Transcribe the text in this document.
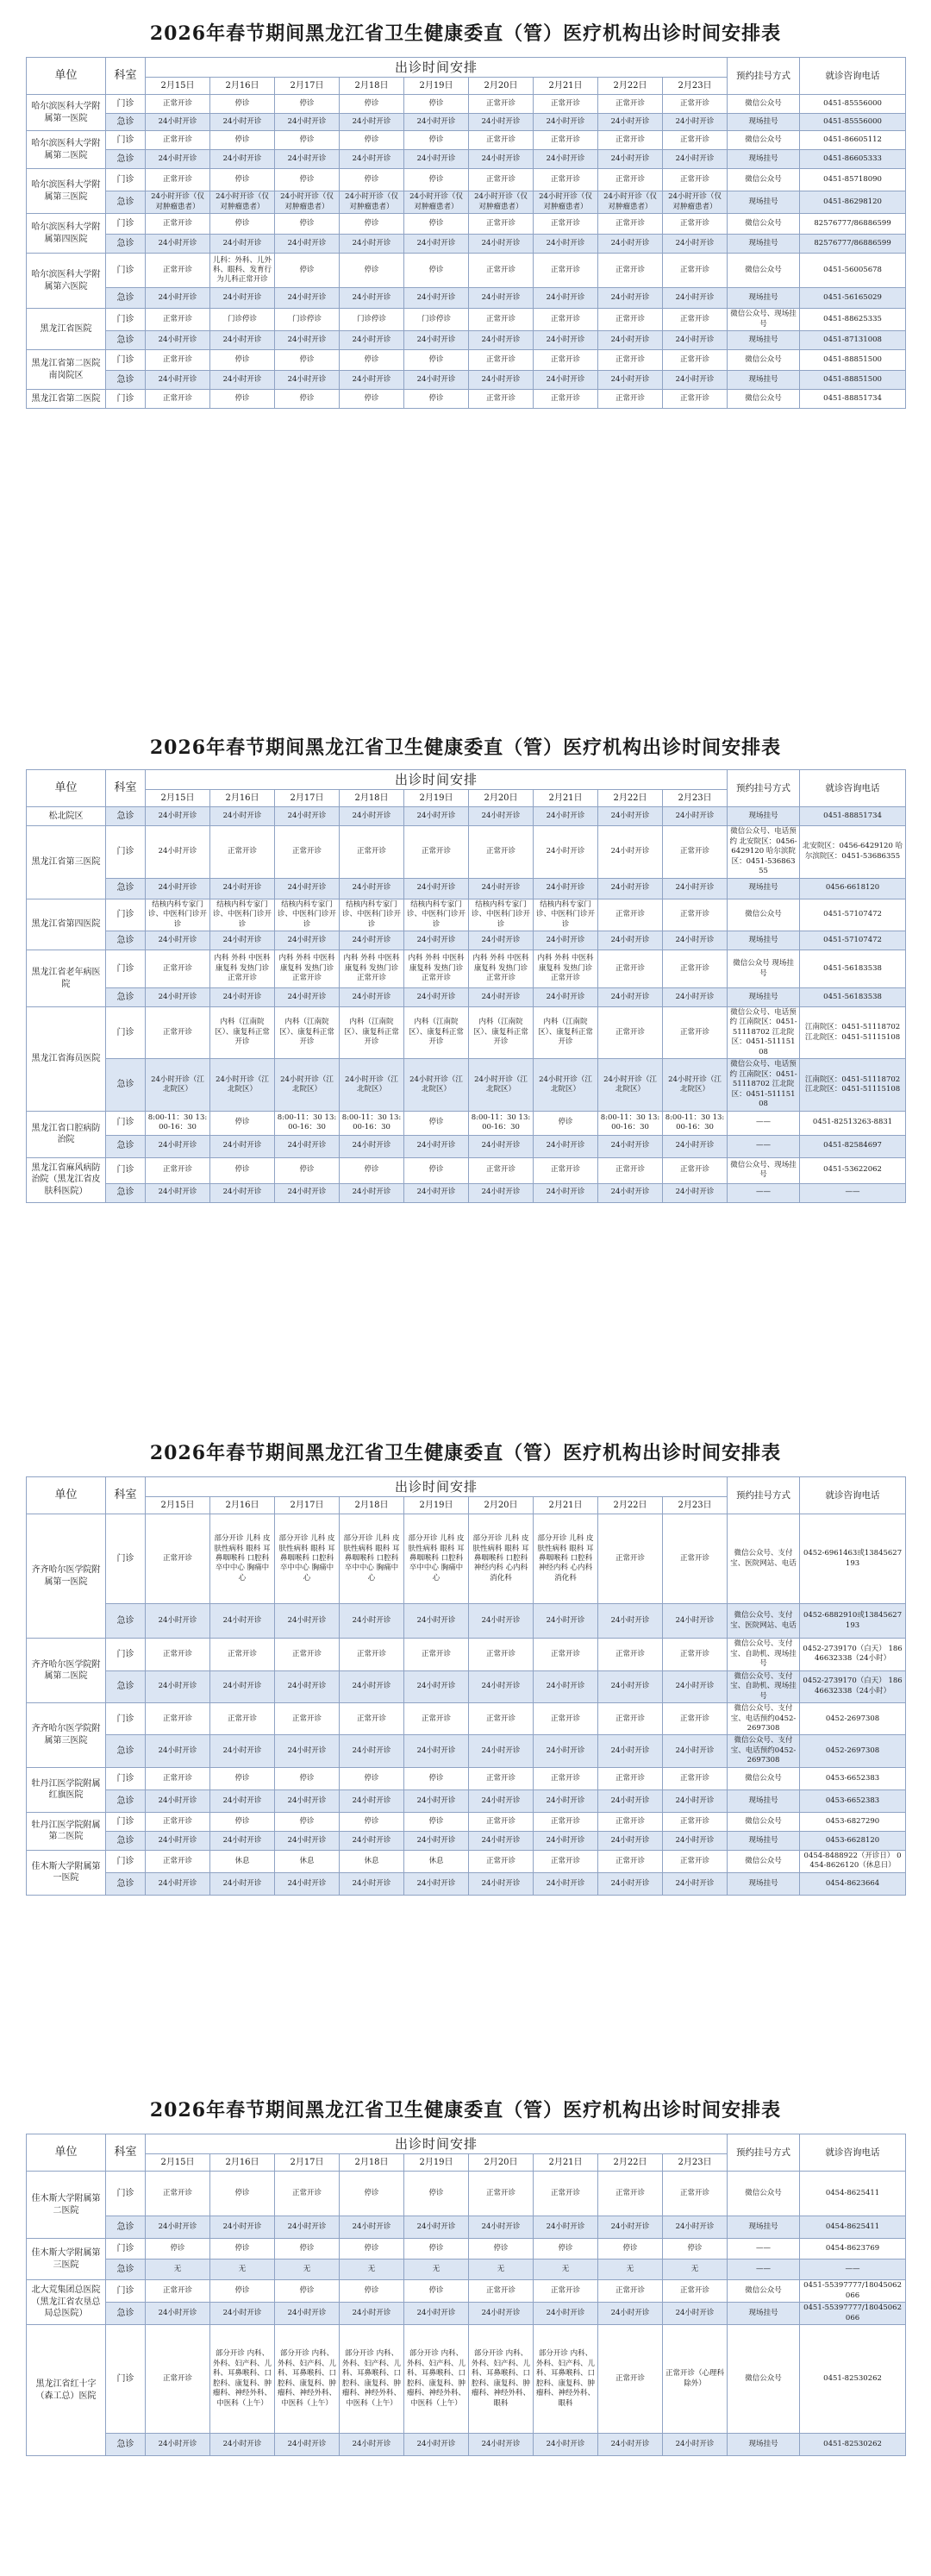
2026年春节期间黑龙江省卫生健康委直（管）医疗机构出诊时间安排表
单位	科室	出诊时间安排									预约挂号方式	就诊咨询电话
		2月15日	2月16日	2月17日	2月18日	2月19日	2月20日	2月21日	2月22日	2月23日		
哈尔滨医科大学附属第一医院	门诊	正常开诊	停诊	停诊	停诊	停诊	正常开诊	正常开诊	正常开诊	正常开诊	微信公众号	0451-85556000
	急诊	24小时开诊	24小时开诊	24小时开诊	24小时开诊	24小时开诊	24小时开诊	24小时开诊	24小时开诊	24小时开诊	现场挂号	0451-85556000
哈尔滨医科大学附属第二医院	门诊	正常开诊	停诊	停诊	停诊	停诊	正常开诊	正常开诊	正常开诊	正常开诊	微信公众号	0451-86605112
	急诊	24小时开诊	24小时开诊	24小时开诊	24小时开诊	24小时开诊	24小时开诊	24小时开诊	24小时开诊	24小时开诊	现场挂号	0451-86605333
哈尔滨医科大学附属第三医院	门诊	正常开诊	停诊	停诊	停诊	停诊	正常开诊	正常开诊	正常开诊	正常开诊	微信公众号	0451-85718090
	急诊	24小时开诊（仅对肿瘤患者）	24小时开诊（仅对肿瘤患者）	24小时开诊（仅对肿瘤患者）	24小时开诊（仅对肿瘤患者）	24小时开诊（仅对肿瘤患者）	24小时开诊（仅对肿瘤患者）	24小时开诊（仅对肿瘤患者）	24小时开诊（仅对肿瘤患者）	24小时开诊（仅对肿瘤患者）	现场挂号	0451-86298120
哈尔滨医科大学附属第四医院	门诊	正常开诊	停诊	停诊	停诊	停诊	正常开诊	正常开诊	正常开诊	正常开诊	微信公众号	82576777/86886599
	急诊	24小时开诊	24小时开诊	24小时开诊	24小时开诊	24小时开诊	24小时开诊	24小时开诊	24小时开诊	24小时开诊	现场挂号	82576777/86886599
哈尔滨医科大学附属第六医院	门诊	正常开诊	儿科：外科、儿外科、眼科、发育行为儿科正常开诊	停诊	停诊	停诊	正常开诊	正常开诊	正常开诊	正常开诊	微信公众号	0451-56005678
	急诊	24小时开诊	24小时开诊	24小时开诊	24小时开诊	24小时开诊	24小时开诊	24小时开诊	24小时开诊	24小时开诊	现场挂号	0451-56165029
黑龙江省医院	门诊	正常开诊	门诊停诊	门诊停诊	门诊停诊	门诊停诊	正常开诊	正常开诊	正常开诊	正常开诊	微信公众号、现场挂号	0451-88625335
	急诊	24小时开诊	24小时开诊	24小时开诊	24小时开诊	24小时开诊	24小时开诊	24小时开诊	24小时开诊	24小时开诊	现场挂号	0451-87131008
黑龙江省第二医院南岗院区	门诊	正常开诊	停诊	停诊	停诊	停诊	正常开诊	正常开诊	正常开诊	正常开诊	微信公众号	0451-88851500
	急诊	24小时开诊	24小时开诊	24小时开诊	24小时开诊	24小时开诊	24小时开诊	24小时开诊	24小时开诊	24小时开诊	现场挂号	0451-88851500
黑龙江省第二医院	门诊	正常开诊	停诊	停诊	停诊	停诊	正常开诊	正常开诊	正常开诊	正常开诊	微信公众号	0451-88851734
2026年春节期间黑龙江省卫生健康委直（管）医疗机构出诊时间安排表
单位	科室	出诊时间安排									预约挂号方式	就诊咨询电话
		2月15日	2月16日	2月17日	2月18日	2月19日	2月20日	2月21日	2月22日	2月23日		
松北院区	急诊	24小时开诊	24小时开诊	24小时开诊	24小时开诊	24小时开诊	24小时开诊	24小时开诊	24小时开诊	24小时开诊	现场挂号	0451-88851734
黑龙江省第三医院	门诊	24小时开诊	正常开诊	正常开诊	正常开诊	正常开诊	正常开诊	24小时开诊	24小时开诊	正常开诊	微信公众号、电话预约 北安院区：0456-6429120 哈尔滨院区：0451-53686355	北安院区：0456-6429120 哈尔滨院区：0451-53686355
	急诊	24小时开诊	24小时开诊	24小时开诊	24小时开诊	24小时开诊	24小时开诊	24小时开诊	24小时开诊	24小时开诊	现场挂号	0456-6618120
黑龙江省第四医院	门诊	结核内科专家门诊、中医科门诊开诊	结核内科专家门诊、中医科门诊开诊	结核内科专家门诊、中医科门诊开诊	结核内科专家门诊、中医科门诊开诊	结核内科专家门诊、中医科门诊开诊	结核内科专家门诊、中医科门诊开诊	结核内科专家门诊、中医科门诊开诊	正常开诊	正常开诊	微信公众号	0451-57107472
	急诊	24小时开诊	24小时开诊	24小时开诊	24小时开诊	24小时开诊	24小时开诊	24小时开诊	24小时开诊	24小时开诊	现场挂号	0451-57107472
黑龙江省老年病医院	门诊	正常开诊	内科 外科 中医科 康复科 发热门诊正常开诊	内科 外科 中医科 康复科 发热门诊正常开诊	内科 外科 中医科 康复科 发热门诊正常开诊	内科 外科 中医科 康复科 发热门诊正常开诊	内科 外科 中医科 康复科 发热门诊正常开诊	内科 外科 中医科 康复科 发热门诊正常开诊	正常开诊	正常开诊	微信公众号 现场挂号	0451-56183538
	急诊	24小时开诊	24小时开诊	24小时开诊	24小时开诊	24小时开诊	24小时开诊	24小时开诊	24小时开诊	24小时开诊	现场挂号	0451-56183538
黑龙江省海员医院	门诊	正常开诊	内科（江南院区）、康复科正常开诊	内科（江南院区）、康复科正常开诊	内科（江南院区）、康复科正常开诊	内科（江南院区）、康复科正常开诊	内科（江南院区）、康复科正常开诊	内科（江南院区）、康复科正常开诊	正常开诊	正常开诊	微信公众号、电话预约 江南院区：0451-51118702 江北院区：0451-51115108	江南院区：0451-51118702 江北院区：0451-51115108
	急诊	24小时开诊（江北院区）	24小时开诊（江北院区）	24小时开诊（江北院区）	24小时开诊（江北院区）	24小时开诊（江北院区）	24小时开诊（江北院区）	24小时开诊（江北院区）	24小时开诊（江北院区）	24小时开诊（江北院区）	微信公众号、电话预约 江南院区：0451-51118702 江北院区：0451-51115108	江南院区：0451-51118702 江北院区：0451-51115108
黑龙江省口腔病防治院	门诊	8:00-11：30 13:00-16：30	停诊	8:00-11：30 13:00-16：30	8:00-11：30 13:00-16：30	停诊	8:00-11：30 13:00-16：30	停诊	8:00-11：30 13:00-16：30	8:00-11：30 13:00-16：30	——	0451-82513263-8831
	急诊	24小时开诊	24小时开诊	24小时开诊	24小时开诊	24小时开诊	24小时开诊	24小时开诊	24小时开诊	24小时开诊	——	0451-82584697
黑龙江省麻风病防治院（黑龙江省皮肤科医院）	门诊	正常开诊	停诊	停诊	停诊	停诊	正常开诊	正常开诊	正常开诊	正常开诊	微信公众号、现场挂号	0451-53622062
	急诊	24小时开诊	24小时开诊	24小时开诊	24小时开诊	24小时开诊	24小时开诊	24小时开诊	24小时开诊	24小时开诊	——	——
2026年春节期间黑龙江省卫生健康委直（管）医疗机构出诊时间安排表
单位	科室	出诊时间安排									预约挂号方式	就诊咨询电话
		2月15日	2月16日	2月17日	2月18日	2月19日	2月20日	2月21日	2月22日	2月23日		
齐齐哈尔医学院附属第一医院	门诊	正常开诊	部分开诊 儿科 皮肤性病科 眼科 耳鼻咽喉科 口腔科 卒中中心 胸痛中心	部分开诊 儿科 皮肤性病科 眼科 耳鼻咽喉科 口腔科 卒中中心 胸痛中心	部分开诊 儿科 皮肤性病科 眼科 耳鼻咽喉科 口腔科 卒中中心 胸痛中心	部分开诊 儿科 皮肤性病科 眼科 耳鼻咽喉科 口腔科 卒中中心 胸痛中心	部分开诊 儿科 皮肤性病科 眼科 耳鼻咽喉科 口腔科 神经内科 心内科 消化科	部分开诊 儿科 皮肤性病科 眼科 耳鼻咽喉科 口腔科 神经内科 心内科 消化科	正常开诊	正常开诊	微信公众号、支付宝、医院网站、电话	0452-6961463或13845627193
	急诊	24小时开诊	24小时开诊	24小时开诊	24小时开诊	24小时开诊	24小时开诊	24小时开诊	24小时开诊	24小时开诊	微信公众号、支付宝、医院网站、电话	0452-6882910或13845627193
齐齐哈尔医学院附属第二医院	门诊	正常开诊	正常开诊	正常开诊	正常开诊	正常开诊	正常开诊	正常开诊	正常开诊	正常开诊	微信公众号、支付宝、自助机、现场挂号	0452-2739170（白天） 18646632338（24小时）
	急诊	24小时开诊	24小时开诊	24小时开诊	24小时开诊	24小时开诊	24小时开诊	24小时开诊	24小时开诊	24小时开诊	微信公众号、支付宝、自助机、现场挂号	0452-2739170（白天） 18646632338（24小时）
齐齐哈尔医学院附属第三医院	门诊	正常开诊	正常开诊	正常开诊	正常开诊	正常开诊	正常开诊	正常开诊	正常开诊	正常开诊	微信公众号、支付宝、电话预约0452-2697308	0452-2697308
	急诊	24小时开诊	24小时开诊	24小时开诊	24小时开诊	24小时开诊	24小时开诊	24小时开诊	24小时开诊	24小时开诊	微信公众号、支付宝、电话预约0452-2697308	0452-2697308
牡丹江医学院附属红旗医院	门诊	正常开诊	停诊	停诊	停诊	停诊	正常开诊	正常开诊	正常开诊	正常开诊	微信公众号	0453-6652383
	急诊	24小时开诊	24小时开诊	24小时开诊	24小时开诊	24小时开诊	24小时开诊	24小时开诊	24小时开诊	24小时开诊	现场挂号	0453-6652383
牡丹江医学院附属第二医院	门诊	正常开诊	停诊	停诊	停诊	停诊	正常开诊	正常开诊	正常开诊	正常开诊	微信公众号	0453-6827290
	急诊	24小时开诊	24小时开诊	24小时开诊	24小时开诊	24小时开诊	24小时开诊	24小时开诊	24小时开诊	24小时开诊	现场挂号	0453-6628120
佳木斯大学附属第一医院	门诊	正常开诊	休息	休息	休息	休息	正常开诊	正常开诊	正常开诊	正常开诊	微信公众号	0454-8488922（开诊日） 0454-8626120（休息日）
	急诊	24小时开诊	24小时开诊	24小时开诊	24小时开诊	24小时开诊	24小时开诊	24小时开诊	24小时开诊	24小时开诊	现场挂号	0454-8623664
2026年春节期间黑龙江省卫生健康委直（管）医疗机构出诊时间安排表
单位	科室	出诊时间安排									预约挂号方式	就诊咨询电话
		2月15日	2月16日	2月17日	2月18日	2月19日	2月20日	2月21日	2月22日	2月23日		
佳木斯大学附属第二医院	门诊	正常开诊	停诊	正常开诊	停诊	停诊	正常开诊	正常开诊	正常开诊	正常开诊	微信公众号	0454-8625411
	急诊	24小时开诊	24小时开诊	24小时开诊	24小时开诊	24小时开诊	24小时开诊	24小时开诊	24小时开诊	24小时开诊	现场挂号	0454-8625411
佳木斯大学附属第三医院	门诊	停诊	停诊	停诊	停诊	停诊	停诊	停诊	停诊	停诊	——	0454-8623769
	急诊	无	无	无	无	无	无	无	无	无	——	——
北大荒集团总医院（黑龙江省农垦总局总医院）	门诊	正常开诊	停诊	停诊	停诊	停诊	正常开诊	正常开诊	正常开诊	正常开诊	微信公众号	0451-55397777/18045062066
	急诊	24小时开诊	24小时开诊	24小时开诊	24小时开诊	24小时开诊	24小时开诊	24小时开诊	24小时开诊	24小时开诊	现场挂号	0451-55397777/18045062066
黑龙江省红十字（森工总）医院	门诊	正常开诊	部分开诊 内科、外科、妇产科、儿科、耳鼻喉科、口腔科、康复科、肿瘤科、神经外科、中医科（上午）	部分开诊 内科、外科、妇产科、儿科、耳鼻喉科、口腔科、康复科、肿瘤科、神经外科、中医科（上午）	部分开诊 内科、外科、妇产科、儿科、耳鼻喉科、口腔科、康复科、肿瘤科、神经外科、中医科（上午）	部分开诊 内科、外科、妇产科、儿科、耳鼻喉科、口腔科、康复科、肿瘤科、神经外科、中医科（上午）	部分开诊 内科、外科、妇产科、儿科、耳鼻喉科、口腔科、康复科、肿瘤科、神经外科、眼科	部分开诊 内科、外科、妇产科、儿科、耳鼻喉科、口腔科、康复科、肿瘤科、神经外科、眼科	正常开诊	正常开诊（心理科除外）	微信公众号	0451-82530262
	急诊	24小时开诊	24小时开诊	24小时开诊	24小时开诊	24小时开诊	24小时开诊	24小时开诊	24小时开诊	24小时开诊	现场挂号	0451-82530262
